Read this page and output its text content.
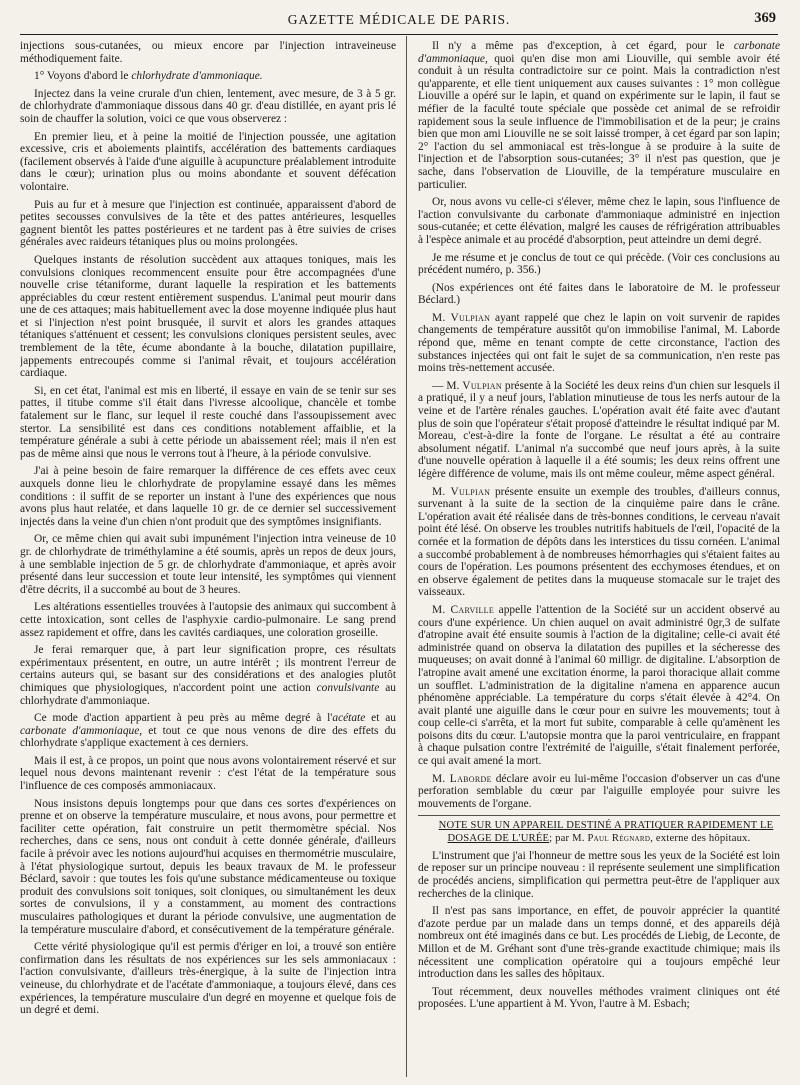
GAZETTE MÉDICALE DE PARIS.	369

injections sous-cutanées, ou mieux encore par l'injection intraveineuse méthodiquement faite.

1° Voyons d'abord le chlorhydrate d'ammoniaque.

Injectez dans la veine crurale d'un chien, lentement, avec mesure, de 3 à 5 gr. de chlorhydrate d'ammoniaque dissous dans 40 gr. d'eau distillée, en ayant pris lé soin de chauffer la solution, voici ce que vous observerez :

En premier lieu, et à peine la moitié de l'injection poussée, une agitation excessive, cris et aboiements plaintifs, accélération des battements cardiaques (facilement observés à l'aide d'une aiguille à acupuncture préalablement introduite dans le cœur); urination plus ou moins abondante et souvent défécation volontaire.

Puis au fur et à mesure que l'injection est continuée, apparaissent d'abord de petites secousses convulsives de la tête et des pattes antérieures, lesquelles gagnent bientôt les pattes postérieures et ne tardent pas à être suivies de crises générales avec raideurs tétaniques plus ou moins prolongées.

Quelques instants de résolution succèdent aux attaques toniques, mais les convulsions cloniques recommencent ensuite pour être accompagnées d'une nouvelle crise tétaniforme, durant laquelle la respiration et les battements appréciables du cœur restent entièrement suspendus. L'animal peut mourir dans une de ces attaques; mais habituellement avec la dose moyenne indiquée plus haut et si l'injection n'est point brusquée, il survit et alors les grandes attaques tétaniques s'atténuent et cessent; les convulsions cloniques persistent seules, avec tremblement de la tête, écume abondante à la bouche, dilatation pupillaire, jappements entrecoupés comme si l'animal rêvait, et toujours accélération cardiaque.

Si, en cet état, l'animal est mis en liberté, il essaye en vain de se tenir sur ses pattes, il titube comme s'il était dans l'ivresse alcoolique, chancèle et tombe fatalement sur le flanc, sur lequel il reste couché dans l'assoupissement avec stertor. La sensibilité est dans ces conditions notablement affaiblie, et la température générale a subi à cette période un abaissement réel; mais il n'en est pas de même ainsi que nous le verrons tout à l'heure, à la période convulsive.

J'ai à peine besoin de faire remarquer la différence de ces effets avec ceux auxquels donne lieu le chlorhydrate de propylamine essayé dans les mêmes conditions : il suffit de se reporter un instant à l'une des expériences que nous avons plus haut relatée, et dans laquelle 10 gr. de ce dernier sel successivement injectés dans la veine d'un chien n'ont produit que des symptômes insignifiants.

Or, ce même chien qui avait subi impunément l'injection intra veineuse de 10 gr. de chlorhydrate de triméthylamine a été soumis, après un repos de deux jours, à une semblable injection de 5 gr. de chlorhydrate d'ammoniaque, et après avoir présenté dans leur succession et toute leur intensité, les symptômes qui viennent d'être décrits, il a succombé au bout de 3 heures.

Les altérations essentielles trouvées à l'autopsie des animaux qui succombent à cette intoxication, sont celles de l'asphyxie cardio-pulmonaire. Le sang prend assez rapidement et offre, dans les cavités cardiaques, une coloration groseille.

Je ferai remarquer que, à part leur signification propre, ces résultats expérimentaux présentent, en outre, un autre intérêt ; ils montrent l'erreur de certains auteurs qui, se basant sur des considérations et des analogies plutôt chimiques que physiologiques, n'accordent point une action convulsivante au chlorhydrate d'ammoniaque.

Ce mode d'action appartient à peu près au même degré à l'acétate et au carbonate d'ammoniaque, et tout ce que nous venons de dire des effets du chlorhydrate s'applique exactement à ces derniers.

Mais il est, à ce propos, un point que nous avons volontairement réservé et sur lequel nous devons maintenant revenir : c'est l'état de la température sous l'influence de ces composés ammoniacaux.

Nous insistons depuis longtemps pour que dans ces sortes d'expériences on prenne et on observe la température musculaire, et nous avons, pour permettre et faciliter cette opération, fait construire un petit thermomètre spécial. Nos recherches, dans ce sens, nous ont conduit à cette donnée générale, d'ailleurs facile à prévoir avec les notions aujourd'hui acquises en thermométrie musculaire, à l'état physiologique surtout, depuis les beaux travaux de M. le professeur Béclard, savoir : que toutes les fois qu'une substance médicamenteuse ou toxique produit des convulsions soit toniques, soit cloniques, ou simultanément les deux sortes de convulsions, il y a constamment, au moment des contractions musculaires pathologiques et durant la période convulsive, une augmentation de la température musculaire d'abord, et consécutivement de la température générale.

Cette vérité physiologique qu'il est permis d'ériger en loi, a trouvé son entière confirmation dans les résultats de nos expériences sur les sels ammoniacaux : l'action convulsivante, d'ailleurs très-énergique, à la suite de l'injection intra veineuse, du chlorhydrate et de l'acétate d'ammoniaque, a toujours élevé, dans ces expériences, la température musculaire d'un degré en moyenne et quelque fois de un degré et demi.

Il n'y a même pas d'exception, à cet égard, pour le carbonate d'ammoniaque, quoi qu'en dise mon ami Liouville, qui semble avoir été conduit à un résulta contradictoire sur ce point. Mais la contradiction n'est qu'apparente, et elle tient uniquement aux causes suivantes : 1° mon collègue Liouville a opéré sur le lapin, et quand on expérimente sur le lapin, il faut se méfier de la faculté toute spéciale que possède cet animal de se refroidir rapidement sous la seule influence de l'immobilisation et de la peur; je crains bien que mon ami Liouville ne se soit laissé tromper, à cet égard par son lapin; 2° l'action du sel ammoniacal est très-longue à se produire à la suite de l'injection et de l'absorption sous-cutanées; 3° il n'est pas question, que je sache, dans l'observation de Liouville, de la température musculaire en particulier.

Or, nous avons vu celle-ci s'élever, même chez le lapin, sous l'influence de l'action convulsivante du carbonate d'ammoniaque administré en injection sous-cutanée; et cette élévation, malgré les causes de réfrigération attribuables à l'espèce animale et au procédé d'absorption, peut atteindre un demi degré.

Je me résume et je conclus de tout ce qui précède. (Voir ces conclusions au précédent numéro, p. 356.)

(Nos expériences ont été faites dans le laboratoire de M. le professeur Béclard.)

M. Vulpian ayant rappelé que chez le lapin on voit survenir de rapides changements de température aussitôt qu'on immobilise l'animal, M. Laborde répond que, même en tenant compte de cette circonstance, l'action des substances injectées qui ont fait le sujet de sa communication, n'en reste pas moins très-nettement accusée.

— M. Vulpian présente à la Société les deux reins d'un chien sur lesquels il a pratiqué, il y a neuf jours, l'ablation minutieuse de tous les nerfs autour de la veine et de l'artère rénales gauches. L'opération avait été faite avec d'autant plus de soin que l'opérateur s'était proposé d'atteindre le résultat indiqué par M. Moreau, c'est-à-dire la fonte de l'organe. Le résultat a été au contraire absolument négatif. L'animal n'a succombé que neuf jours après, à la suite d'une nouvelle opération à laquelle il a été soumis; les deux reins offrent une légère différence de volume, mais ils ont même couleur, même aspect général.

M. Vulpian présente ensuite un exemple des troubles, d'ailleurs connus, survenant à la suite de la section de la cinquième paire dans le crâne. L'opération avait été réalisée dans de très-bonnes conditions, le cerveau n'avait point été lésé. On observe les troubles nutritifs habituels de l'œil, l'opacité de la cornée et la formation de dépôts dans les interstices du tissu cornéen. L'animal a succombé probablement à de nombreuses hémorrhagies qui s'étaient faites au cours de l'opération. Les poumons présentent des ecchymoses étendues, et on en observe également de petites dans la muqueuse stomacale sur le trajet des vaisseaux.

M. Carville appelle l'attention de la Société sur un accident observé au cours d'une expérience. Un chien auquel on avait administré 0gr,3 de sulfate d'atropine avait été ensuite soumis à l'action de la digitaline; celle-ci avait été administrée quand on observa la dilatation des pupilles et la sécheresse des muqueuses; on avait donné à l'animal 60 milligr. de digitaline. L'absorption de l'atropine avait amené une excitation énorme, la paroi thoracique allait comme un soufflet. L'administration de la digitaline n'amena en apparence aucun phénomène appréciable. La température du corps s'était élevée à 42°4. On avait planté une aiguille dans le cœur pour en suivre les mouvements; tout à coup celle-ci s'arrêta, et la mort fut subite, comparable à celle qu'amènent les poisons dits du cœur. L'autopsie montra que la paroi ventriculaire, en frappant à chaque pulsation contre l'extrémité de l'aiguille, s'était finalement perforée, ce qui avait amené la mort.

M. Laborde déclare avoir eu lui-même l'occasion d'observer un cas d'une perforation semblable du cœur par l'aiguille employée pour suivre les mouvements de l'organe.

NOTE SUR UN APPAREIL DESTINÉ A PRATIQUER RAPIDEMENT LE DOSAGE DE L'URÉE; par M. Paul Régnard, externe des hôpitaux.

L'instrument que j'ai l'honneur de mettre sous les yeux de la Société est loin de reposer sur un principe nouveau : il représente seulement une simplification de procédés anciens, simplification qui permettra peut-être de l'appliquer aux recherches de la clinique.

Il n'est pas sans importance, en effet, de pouvoir apprécier la quantité d'azote perdue par un malade dans un temps donné, et des appareils déjà nombreux ont été imaginés dans ce but. Les procédés de Liebig, de Leconte, de Millon et de M. Gréhant sont d'une très-grande exactitude chimique; mais ils nécessitent une complication opératoire qui a toujours empêché leur introduction dans les salles des hôpitaux.

Tout récemment, deux nouvelles méthodes vraiment cliniques ont été proposées. L'une appartient à M. Yvon, l'autre à M. Esbach;
